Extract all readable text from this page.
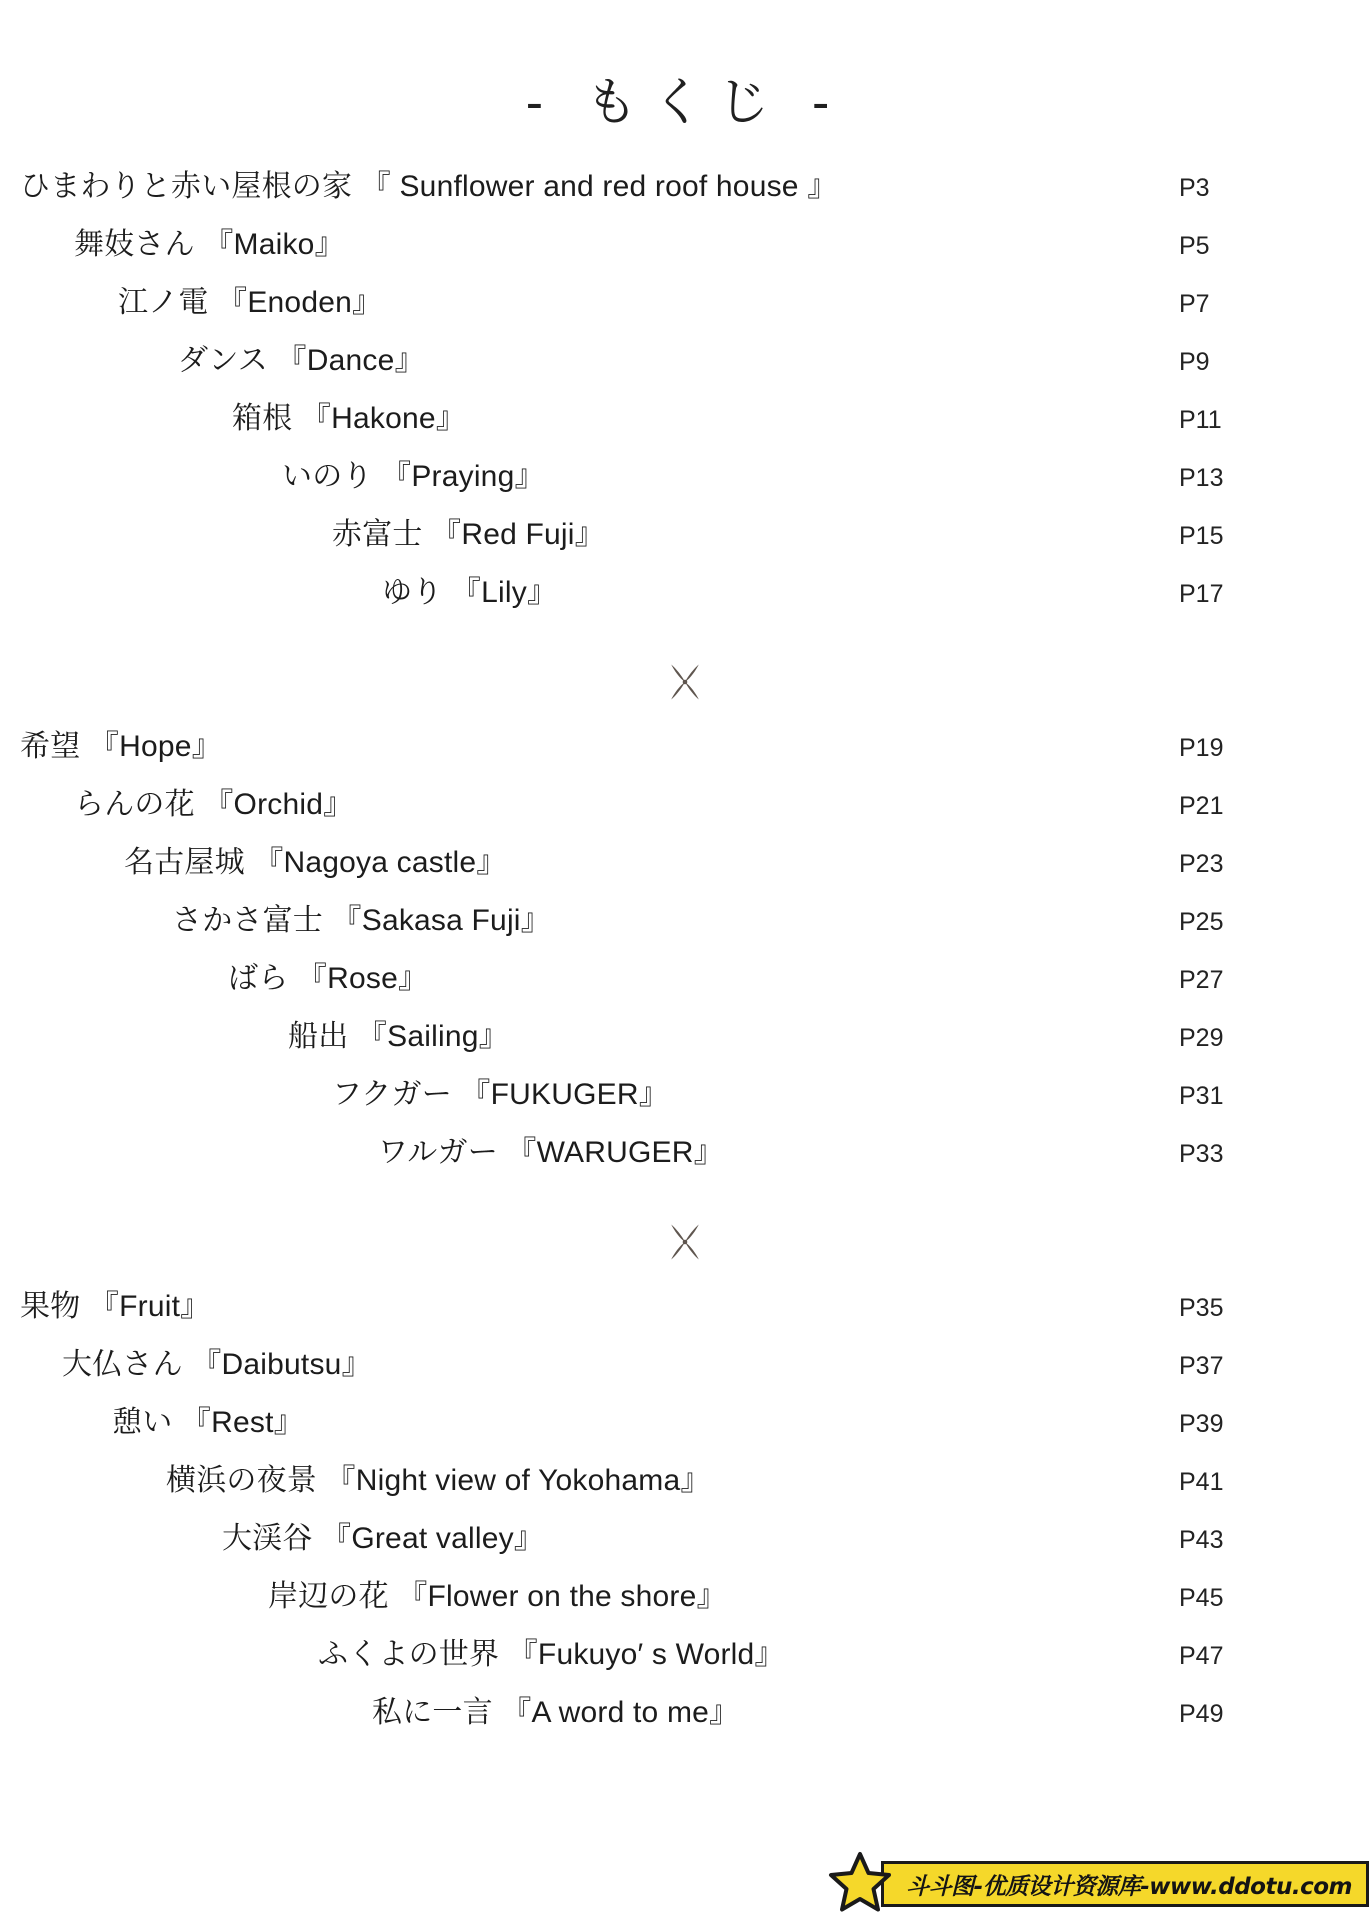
- もくじ -
ひまわりと赤い屋根の家 『 Sunflower and red roof house 』	P3
舞妓さん 『Maiko』	P5
江ノ電 『Enoden』	P7
ダンス 『Dance』	P9
箱根 『Hakone』	P11
いのり 『Praying』	P13
赤富士 『Red Fuji』	P15
ゆり 『Lily』	P17
希望 『Hope』	P19
らんの花 『Orchid』	P21
名古屋城 『Nagoya castle』	P23
さかさ富士 『Sakasa Fuji』	P25
ばら 『Rose』	P27
船出 『Sailing』	P29
フクガー 『FUKUGER』	P31
ワルガー 『WARUGER』	P33
果物 『Fruit』	P35
大仏さん 『Daibutsu』	P37
憩い 『Rest』	P39
横浜の夜景 『Night view of Yokohama』	P41
大渓谷 『Great valley』	P43
岸辺の花 『Flower on the shore』	P45
ふくよの世界 『Fukuyo′ s World』	P47
私に一言 『A word to me』	P49
斗斗图-优质设计资源库-www.ddotu.com
